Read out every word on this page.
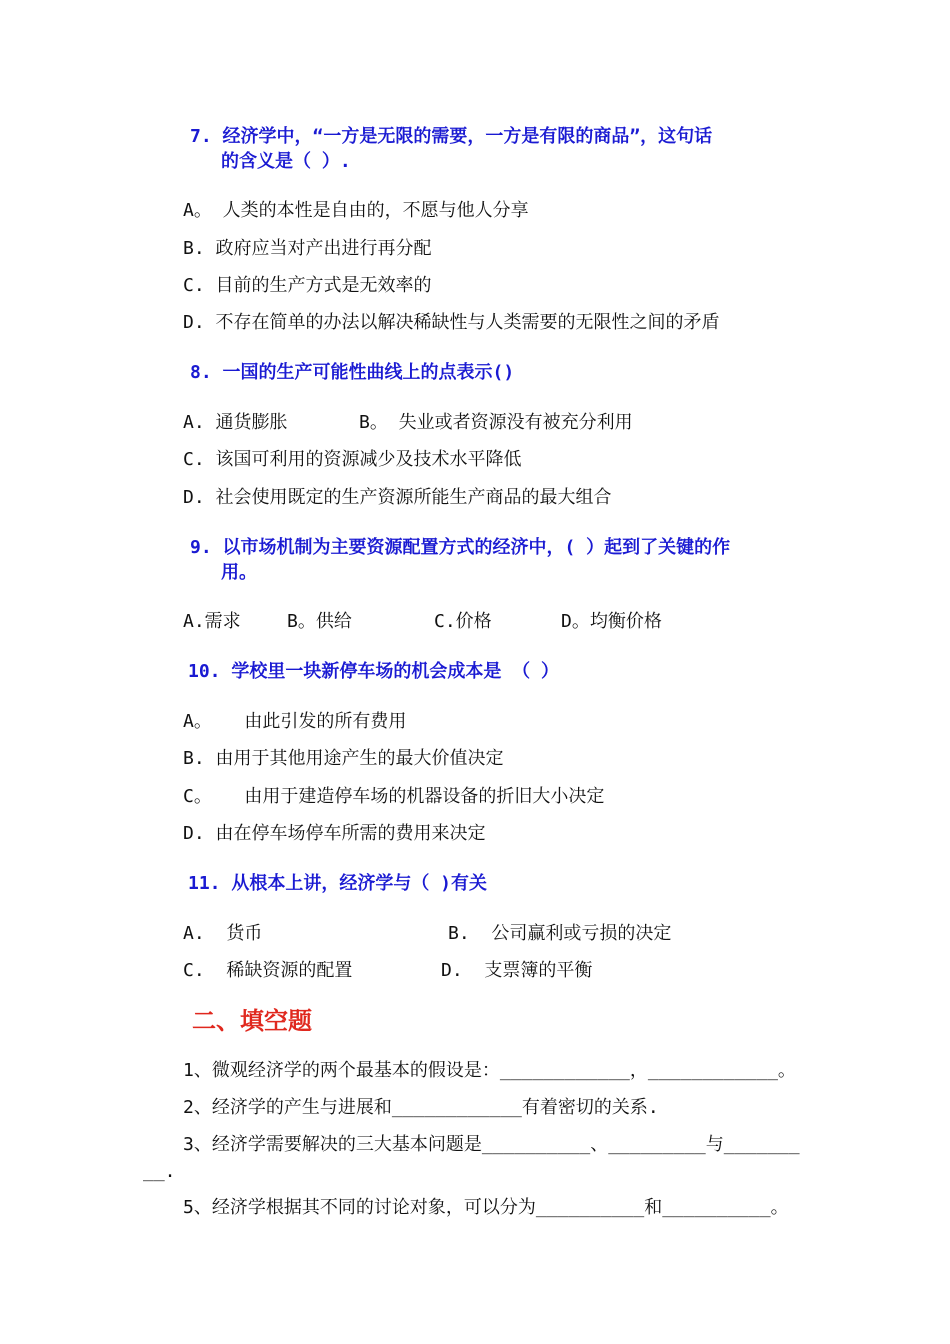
7. 经济学中，“一方是无限的需要，一方是有限的商品”，这句话
的含义是（ ）.
A。 人类的本性是自由的，不愿与他人分享
B. 政府应当对产出进行再分配
C. 目前的生产方式是无效率的
D. 不存在简单的办法以解决稀缺性与人类需要的无限性之间的矛盾
8. 一国的生产可能性曲线上的点表示()
A. 通货膨胀	B。 失业或者资源没有被充分利用
C. 该国可利用的资源减少及技术水平降低
D. 社会使用既定的生产资源所能生产商品的最大组合
9. 以市场机制为主要资源配置方式的经济中，( ）起到了关键的作
用。
A.需求	B。供给	C.价格	D。均衡价格
10. 学校里一块新停车场的机会成本是 （ ）
A。   由此引发的所有费用
B. 由用于其他用途产生的最大价值决定
C。   由用于建造停车场的机器设备的折旧大小决定
D. 由在停车场停车所需的费用来决定
11. 从根本上讲，经济学与（ )有关
A.  货币	B.  公司赢利或亏损的决定
C.  稀缺资源的配置	D.  支票簿的平衡
二、填空题
1、微观经济学的两个最基本的假设是：____________，____________。
2、经济学的产生与进展和____________有着密切的关系.
3、经济学需要解决的三大基本问题是__________、_________与_______
__.
5、经济学根据其不同的讨论对象，可以分为__________和__________。
